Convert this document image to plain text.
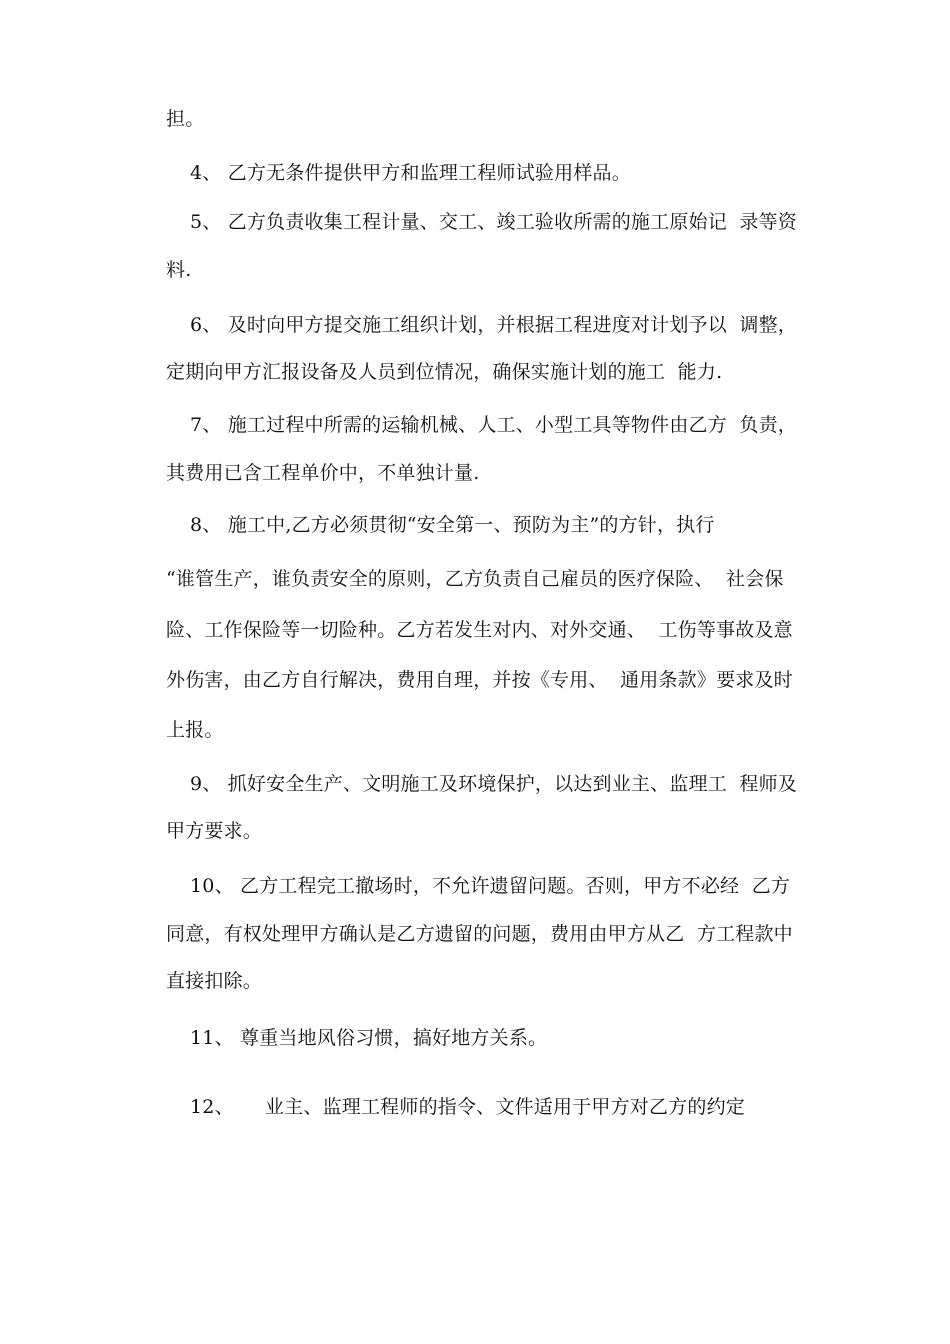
担。
4、 乙方无条件提供甲方和监理工程师试验用样品。
5、 乙方负责收集工程计量、交工、竣工验收所需的施工原始记  录等资
料.
6、 及时向甲方提交施工组织计划，并根据工程进度对计划予以  调整，
定期向甲方汇报设备及人员到位情况，确保实施计划的施工  能力.
7、 施工过程中所需的运输机械、人工、小型工具等物件由乙方  负责，
其费用已含工程单价中，不单独计量.
8、 施工中,乙方必须贯彻“安全第一、预防为主”的方针，执行
“谁管生产，谁负责安全的原则，乙方负责自己雇员的医疗保险、  社会保
险、工作保险等一切险种。乙方若发生对内、对外交通、  工伤等事故及意
外伤害，由乙方自行解决，费用自理，并按《专用、  通用条款》要求及时
上报。
9、 抓好安全生产、文明施工及环境保护，以达到业主、监理工  程师及
甲方要求。
10、 乙方工程完工撤场时，不允许遗留问题。否则，甲方不必经  乙方
同意，有权处理甲方确认是乙方遗留的问题，费用由甲方从乙  方工程款中
直接扣除。
11、 尊重当地风俗习惯，搞好地方关系。
12、     业主、监理工程师的指令、文件适用于甲方对乙方的约定
